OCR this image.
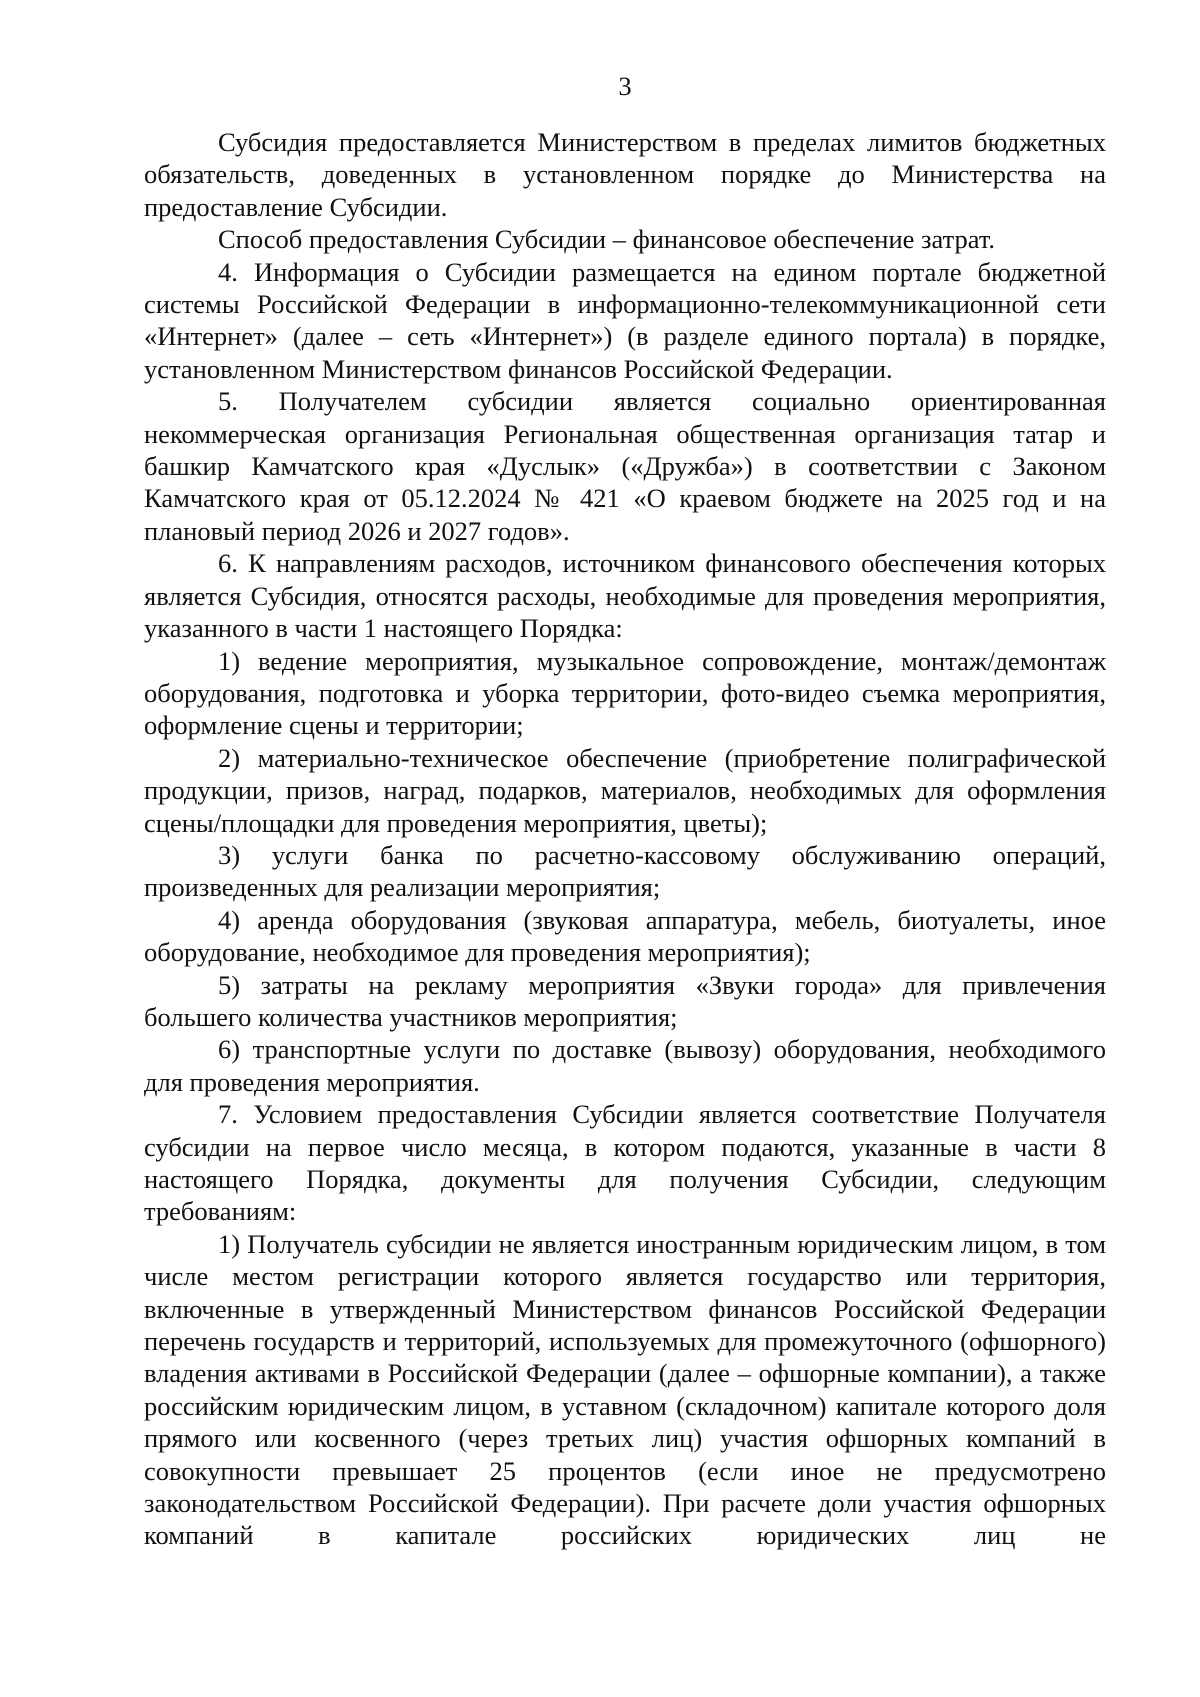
3

Субсидия предоставляется Министерством в пределах лимитов бюджетных обязательств, доведенных в установленном порядке до Министерства на предоставление Субсидии.

Способ предоставления Субсидии – финансовое обеспечение затрат.

4. Информация о Субсидии размещается на едином портале бюджетной системы Российской Федерации в информационно-телекоммуникационной сети «Интернет» (далее – сеть «Интернет») (в разделе единого портала) в порядке, установленном Министерством финансов Российской Федерации.

5. Получателем субсидии является социально ориентированная некоммерческая организация Региональная общественная организация татар и башкир Камчатского края «Дуслык» («Дружба») в соответствии с Законом Камчатского края от 05.12.2024 № 421 «О краевом бюджете на 2025 год и на плановый период 2026 и 2027 годов».

6. К направлениям расходов, источником финансового обеспечения которых является Субсидия, относятся расходы, необходимые для проведения мероприятия, указанного в части 1 настоящего Порядка:

1) ведение мероприятия, музыкальное сопровождение, монтаж/демонтаж оборудования, подготовка и уборка территории, фото-видео съемка мероприятия, оформление сцены и территории;

2) материально-техническое обеспечение (приобретение полиграфической продукции, призов, наград, подарков, материалов, необходимых для оформления сцены/площадки для проведения мероприятия, цветы);

3) услуги банка по расчетно-кассовому обслуживанию операций, произведенных для реализации мероприятия;

4) аренда оборудования (звуковая аппаратура, мебель, биотуалеты, иное оборудование, необходимое для проведения мероприятия);

5) затраты на рекламу мероприятия «Звуки города» для привлечения большего количества участников мероприятия;

6) транспортные услуги по доставке (вывозу) оборудования, необходимого для проведения мероприятия.

7. Условием предоставления Субсидии является соответствие Получателя субсидии на первое число месяца, в котором подаются, указанные в части 8 настоящего Порядка, документы для получения Субсидии, следующим требованиям:

1) Получатель субсидии не является иностранным юридическим лицом, в том числе местом регистрации которого является государство или территория, включенные в утвержденный Министерством финансов Российской Федерации перечень государств и территорий, используемых для промежуточного (офшорного) владения активами в Российской Федерации (далее – офшорные компании), а также российским юридическим лицом, в уставном (складочном) капитале которого доля прямого или косвенного (через третьих лиц) участия офшорных компаний в совокупности превышает 25 процентов (если иное не предусмотрено законодательством Российской Федерации). При расчете доли участия офшорных компаний в капитале российских юридических лиц не
